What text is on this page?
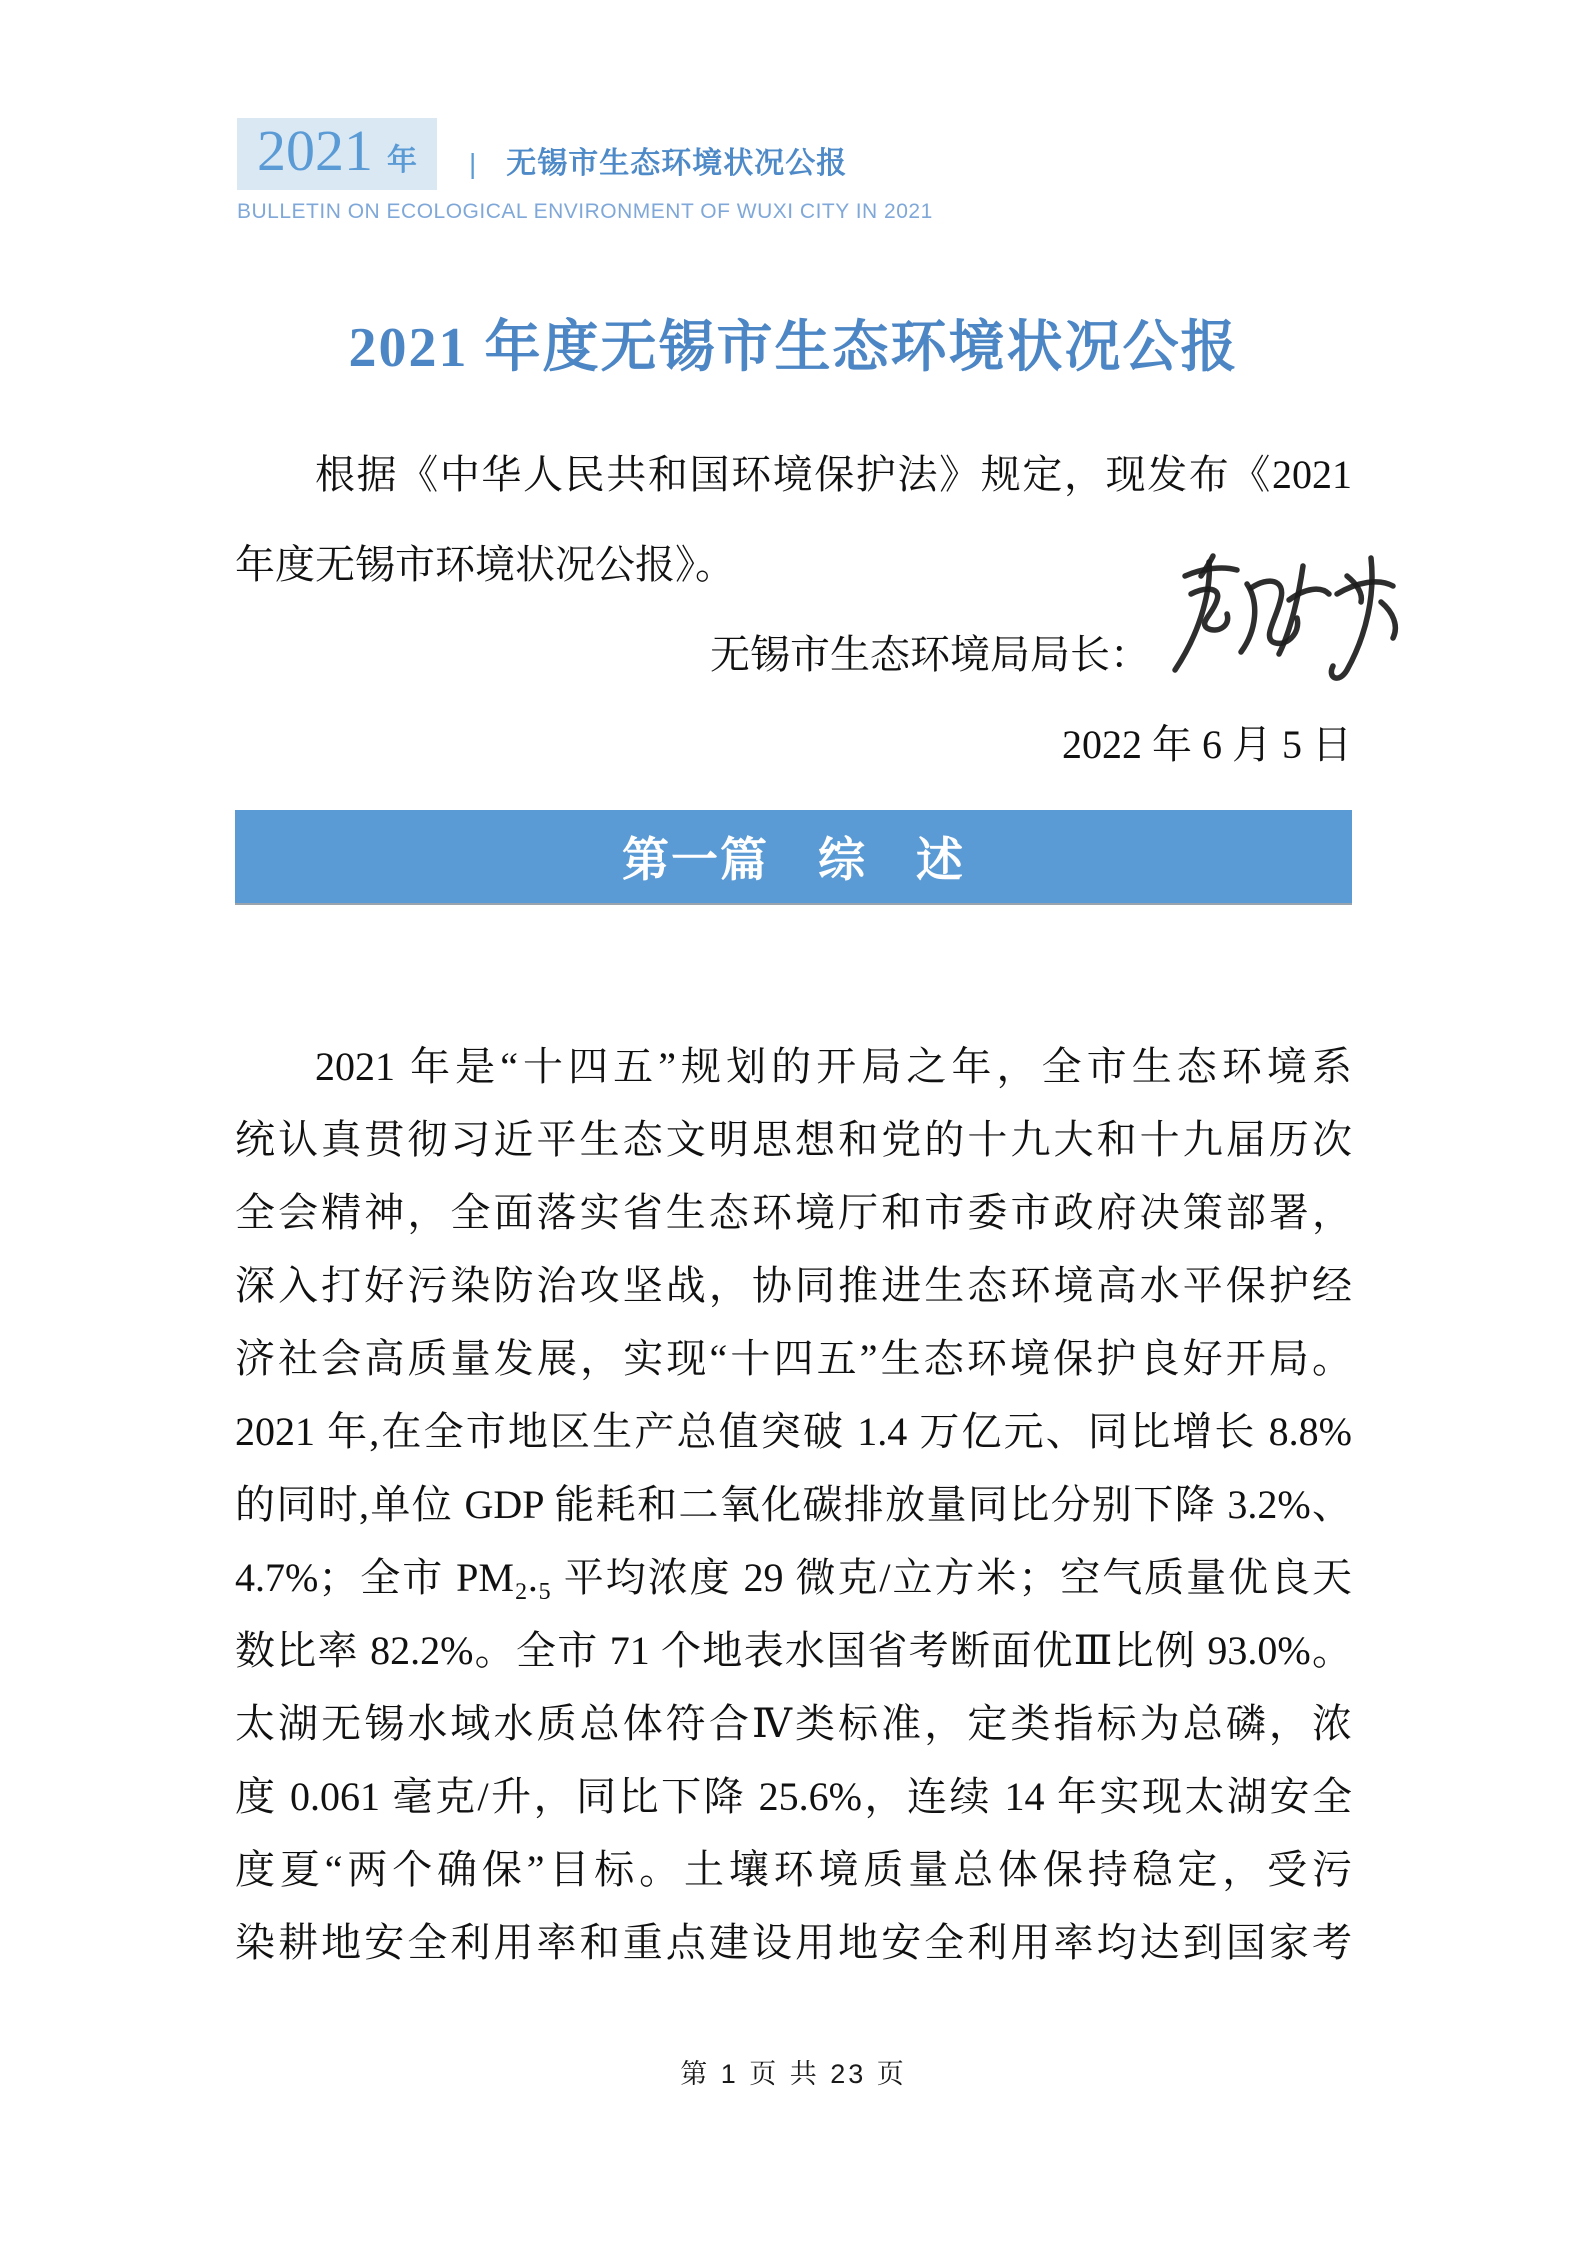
2021 年 | 无锡市生态环境状况公报
BULLETIN ON ECOLOGICAL ENVIRONMENT OF WUXI CITY IN 2021
2021 年度无锡市生态环境状况公报
根据《中华人民共和国环境保护法》规定，现发布《2021
年度无锡市环境状况公报》。
无锡市生态环境局局长：
2022 年 6 月 5 日
第一篇　综　述

2021 年是“十四五”规划的开局之年，全市生态环境系

统认真贯彻习近平生态文明思想和党的十九大和十九届历次

全会精神，全面落实省生态环境厅和市委市政府决策部署，

深入打好污染防治攻坚战，协同推进生态环境高水平保护经

济社会高质量发展，实现“十四五”生态环境保护良好开局。

2021 年,在全市地区生产总值突破 1.4 万亿元、同比增长 8.8%

的同时,单位 GDP 能耗和二氧化碳排放量同比分别下降 3.2%、

4.7%；全市 PM₂.₅ 平均浓度 29 微克/立方米；空气质量优良天

数比率 82.2%。全市 71 个地表水国省考断面优Ⅲ比例 93.0%。

太湖无锡水域水质总体符合Ⅳ类标准，定类指标为总磷，浓

度 0.061 毫克/升，同比下降 25.6%，连续 14 年实现太湖安全

度夏“两个确保”目标。土壤环境质量总体保持稳定，受污

染耕地安全利用率和重点建设用地安全利用率均达到国家考

第 1 页 共 23 页
